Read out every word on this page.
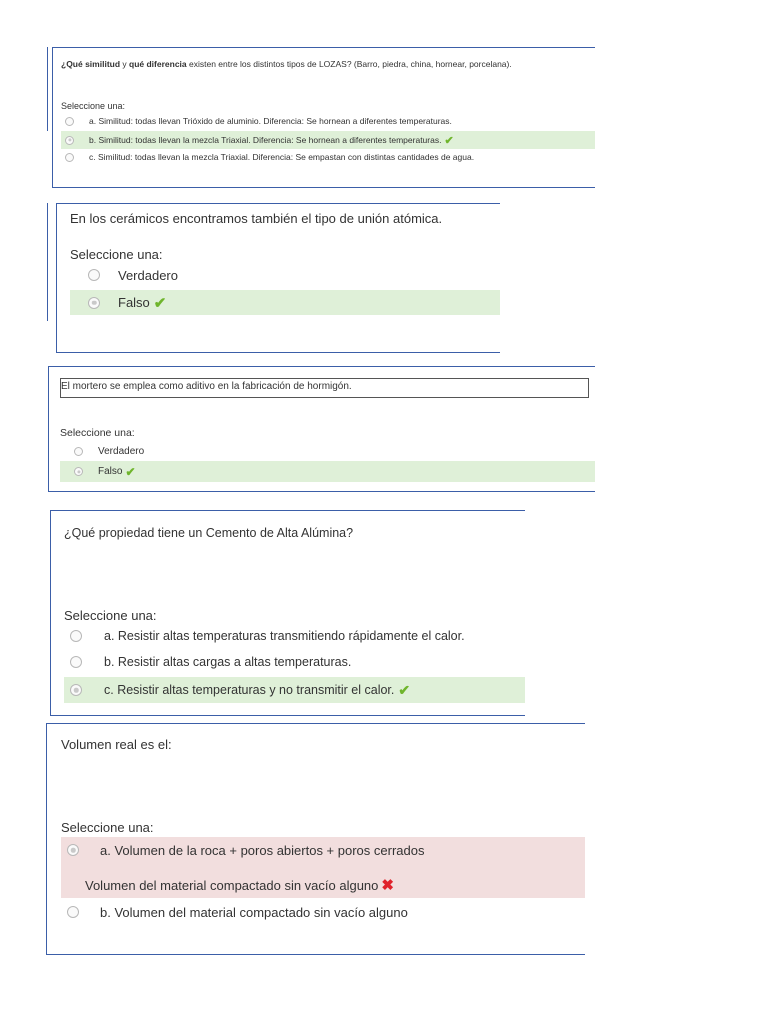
¿Qué similitud y qué diferencia existen entre los distintos tipos de LOZAS? (Barro, piedra, china, hornear, porcelana).
Seleccione una:
a. Similitud: todas llevan Trióxido de aluminio. Diferencia: Se hornean a diferentes temperaturas.
b. Similitud: todas llevan la mezcla Triaxial. Diferencia: Se hornean a diferentes temperaturas. ✔
c. Similitud: todas llevan la mezcla Triaxial. Diferencia: Se empastan con distintas cantidades de agua.
En los cerámicos encontramos también el tipo de unión atómica.
Seleccione una:
Verdadero
Falso ✔
El mortero se emplea como aditivo en la fabricación de hormigón.
Seleccione una:
Verdadero
Falso ✔
¿Qué propiedad tiene un Cemento de Alta Alúmina?
Seleccione una:
a. Resistir altas temperaturas transmitiendo rápidamente el calor.
b. Resistir altas cargas a altas temperaturas.
c. Resistir altas temperaturas y no transmitir el calor. ✔
Volumen real es el:
Seleccione una:
a. Volumen de la roca + poros abiertos + poros cerrados
Volumen del material compactado sin vacío alguno ✖
b. Volumen del material compactado sin vacío alguno
